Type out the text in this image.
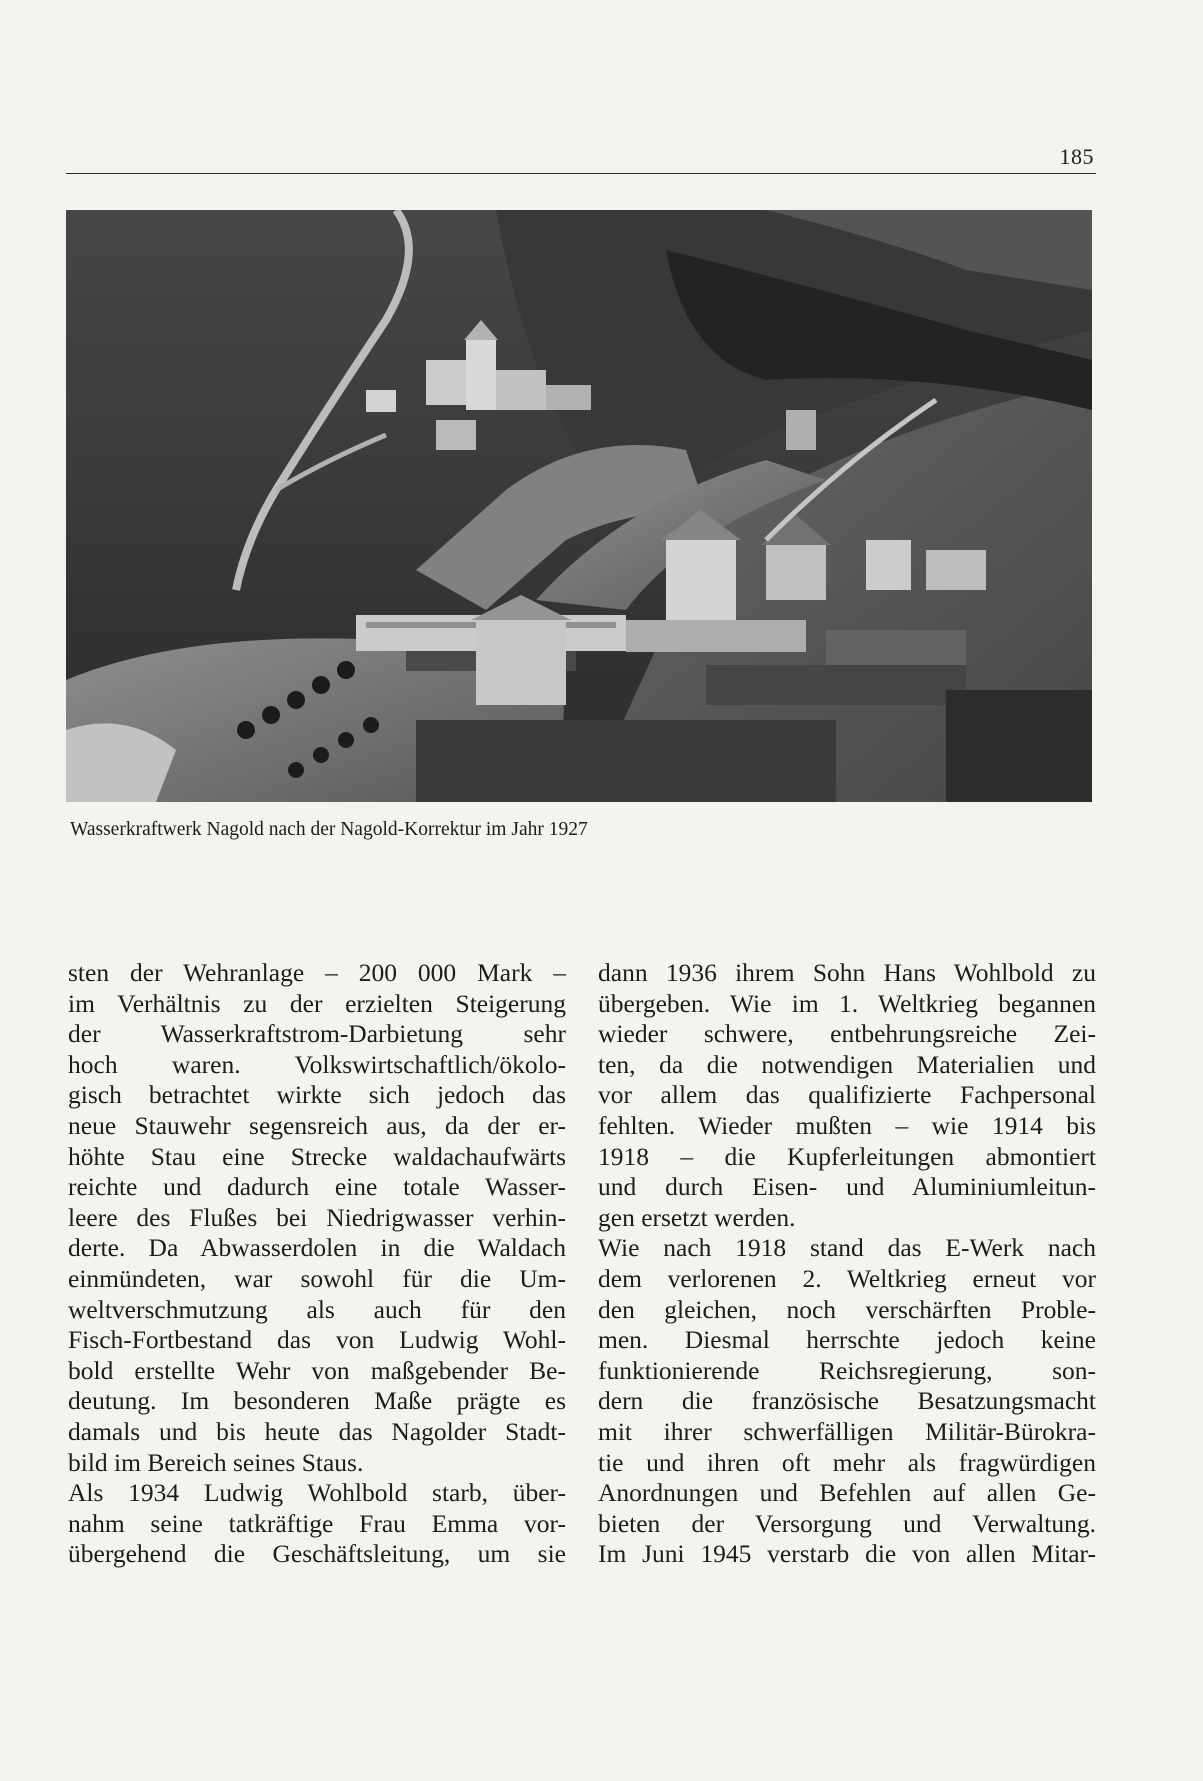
185
Wasserkraftwerk Nagold nach der Nagold-Korrektur im Jahr 1927
sten der Wehranlage – 200 000 Mark –
im Verhältnis zu der erzielten Steigerung
der Wasserkraftstrom-Darbietung sehr
hoch waren. Volkswirtschaftlich/ökolo-
gisch betrachtet wirkte sich jedoch das
neue Stauwehr segensreich aus, da der er-
höhte Stau eine Strecke waldachaufwärts
reichte und dadurch eine totale Wasser-
leere des Flußes bei Niedrigwasser verhin-
derte. Da Abwasserdolen in die Waldach
einmündeten, war sowohl für die Um-
weltverschmutzung als auch für den
Fisch-Fortbestand das von Ludwig Wohl-
bold erstellte Wehr von maßgebender Be-
deutung. Im besonderen Maße prägte es
damals und bis heute das Nagolder Stadt-
bild im Bereich seines Staus.
Als 1934 Ludwig Wohlbold starb, über-
nahm seine tatkräftige Frau Emma vor-
übergehend die Geschäftsleitung, um sie
dann 1936 ihrem Sohn Hans Wohlbold zu
übergeben. Wie im 1. Weltkrieg begannen
wieder schwere, entbehrungsreiche Zei-
ten, da die notwendigen Materialien und
vor allem das qualifizierte Fachpersonal
fehlten. Wieder mußten – wie 1914 bis
1918 – die Kupferleitungen abmontiert
und durch Eisen- und Aluminiumleitun-
gen ersetzt werden.
Wie nach 1918 stand das E-Werk nach
dem verlorenen 2. Weltkrieg erneut vor
den gleichen, noch verschärften Proble-
men. Diesmal herrschte jedoch keine
funktionierende Reichsregierung, son-
dern die französische Besatzungsmacht
mit ihrer schwerfälligen Militär-Bürokra-
tie und ihren oft mehr als fragwürdigen
Anordnungen und Befehlen auf allen Ge-
bieten der Versorgung und Verwaltung.
Im Juni 1945 verstarb die von allen Mitar-
